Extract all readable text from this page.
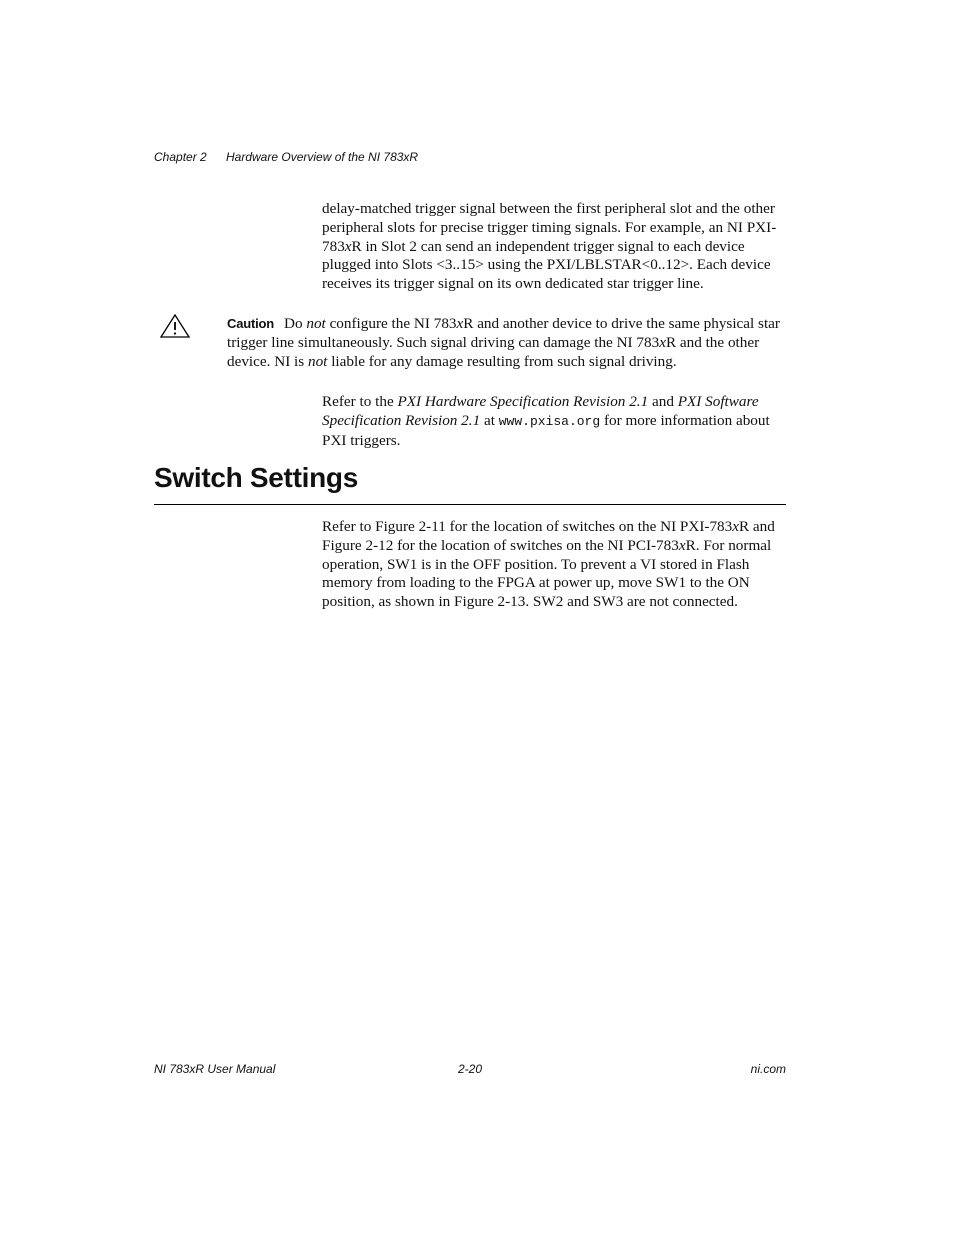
Chapter 2 Hardware Overview of the NI 783xR
delay-matched trigger signal between the first peripheral slot and the other peripheral slots for precise trigger timing signals. For example, an NI PXI-783xR in Slot 2 can send an independent trigger signal to each device plugged into Slots <3..15> using the PXI/LBLSTAR<0..12>. Each device receives its trigger signal on its own dedicated star trigger line.
Caution Do not configure the NI 783xR and another device to drive the same physical star trigger line simultaneously. Such signal driving can damage the NI 783xR and the other device. NI is not liable for any damage resulting from such signal driving.
Refer to the PXI Hardware Specification Revision 2.1 and PXI Software Specification Revision 2.1 at www.pxisa.org for more information about PXI triggers.
Switch Settings
Refer to Figure 2-11 for the location of switches on the NI PXI-783xR and Figure 2-12 for the location of switches on the NI PCI-783xR. For normal operation, SW1 is in the OFF position. To prevent a VI stored in Flash memory from loading to the FPGA at power up, move SW1 to the ON position, as shown in Figure 2-13. SW2 and SW3 are not connected.
NI 783xR User Manual	2-20	ni.com
